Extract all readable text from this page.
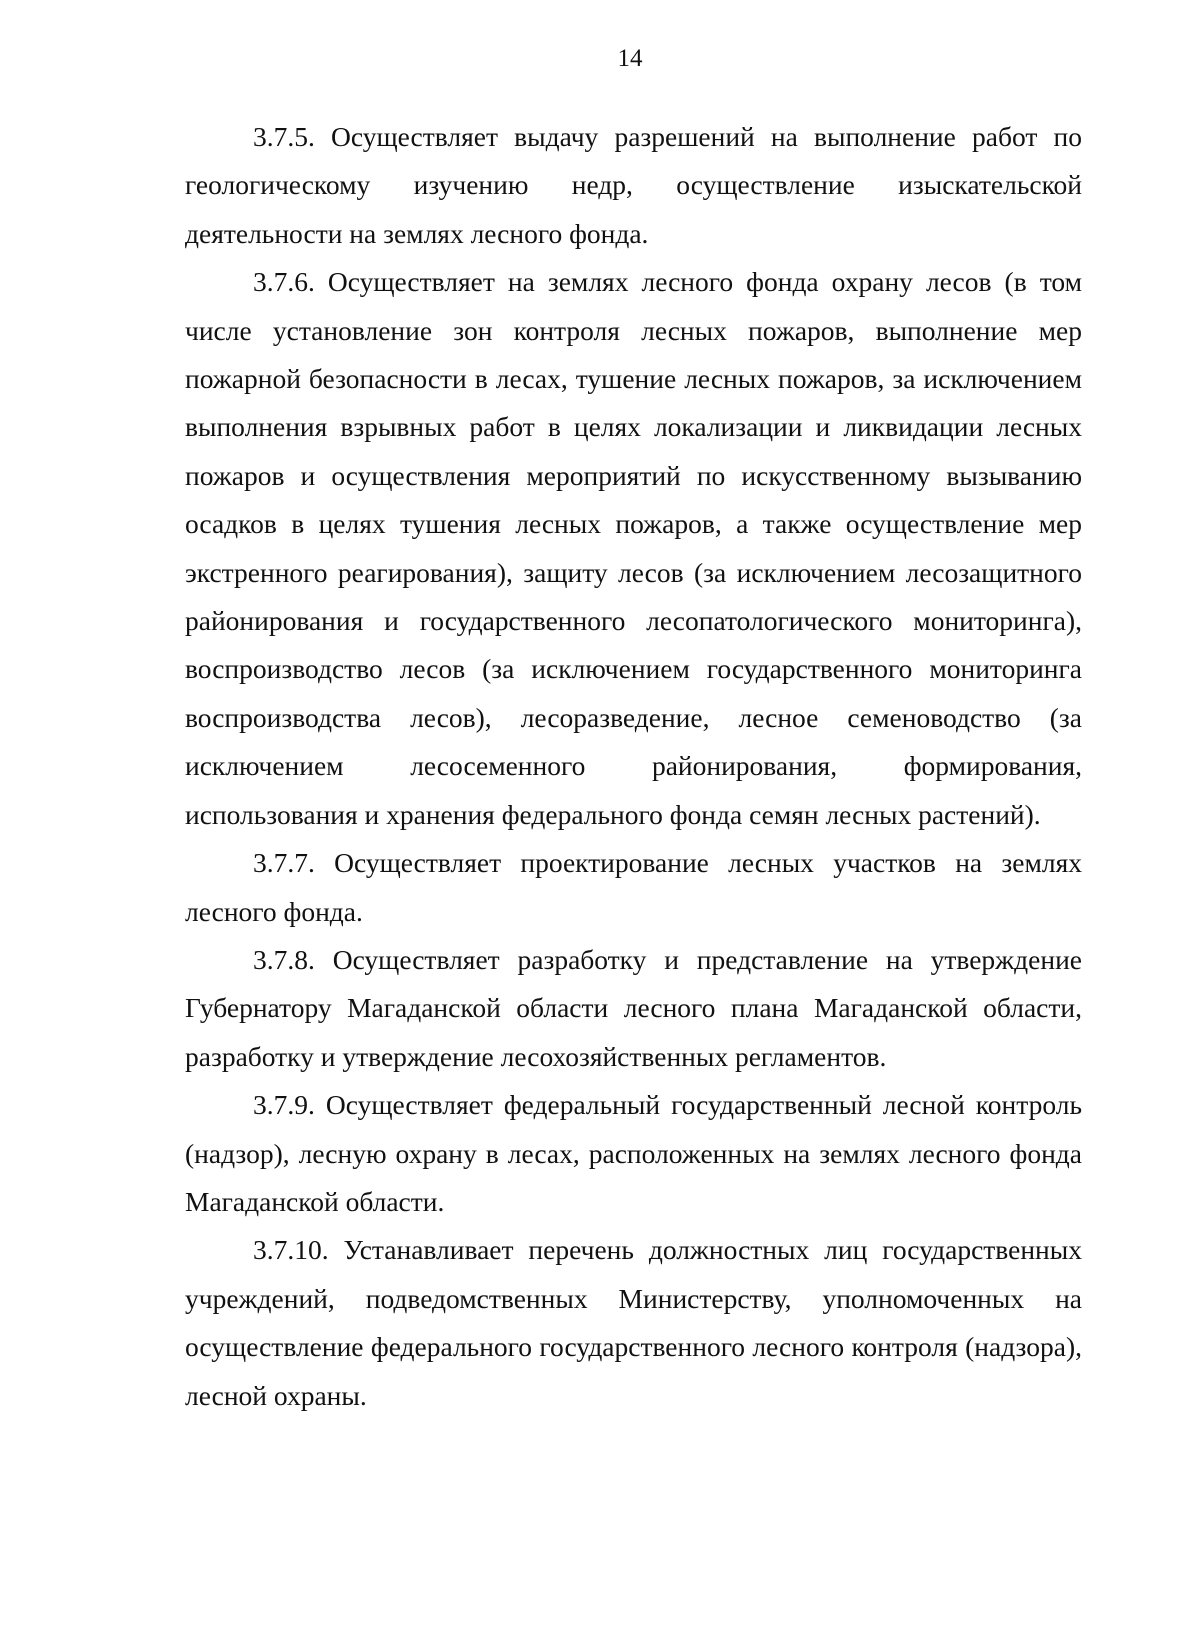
14

3.7.5. Осуществляет выдачу разрешений на выполнение работ по геологическому изучению недр, осуществление изыскательской деятельности на землях лесного фонда.

3.7.6. Осуществляет на землях лесного фонда охрану лесов (в том числе установление зон контроля лесных пожаров, выполнение мер пожарной безопасности в лесах, тушение лесных пожаров, за исключением выполнения взрывных работ в целях локализации и ликвидации лесных пожаров и осуществления мероприятий по искусственному вызыванию осадков в целях тушения лесных пожаров, а также осуществление мер экстренного реагирования), защиту лесов (за исключением лесозащитного районирования и государственного лесопатологического мониторинга), воспроизводство лесов (за исключением государственного мониторинга воспроизводства лесов), лесоразведение, лесное семеноводство (за исключением лесосеменного районирования, формирования, использования и хранения федерального фонда семян лесных растений).

3.7.7. Осуществляет проектирование лесных участков на землях лесного фонда.

3.7.8. Осуществляет разработку и представление на утверждение Губернатору Магаданской области лесного плана Магаданской области, разработку и утверждение лесохозяйственных регламентов.

3.7.9. Осуществляет федеральный государственный лесной контроль (надзор), лесную охрану в лесах, расположенных на землях лесного фонда Магаданской области.

3.7.10. Устанавливает перечень должностных лиц государственных учреждений, подведомственных Министерству, уполномоченных на осуществление федерального государственного лесного контроля (надзора), лесной охраны.
